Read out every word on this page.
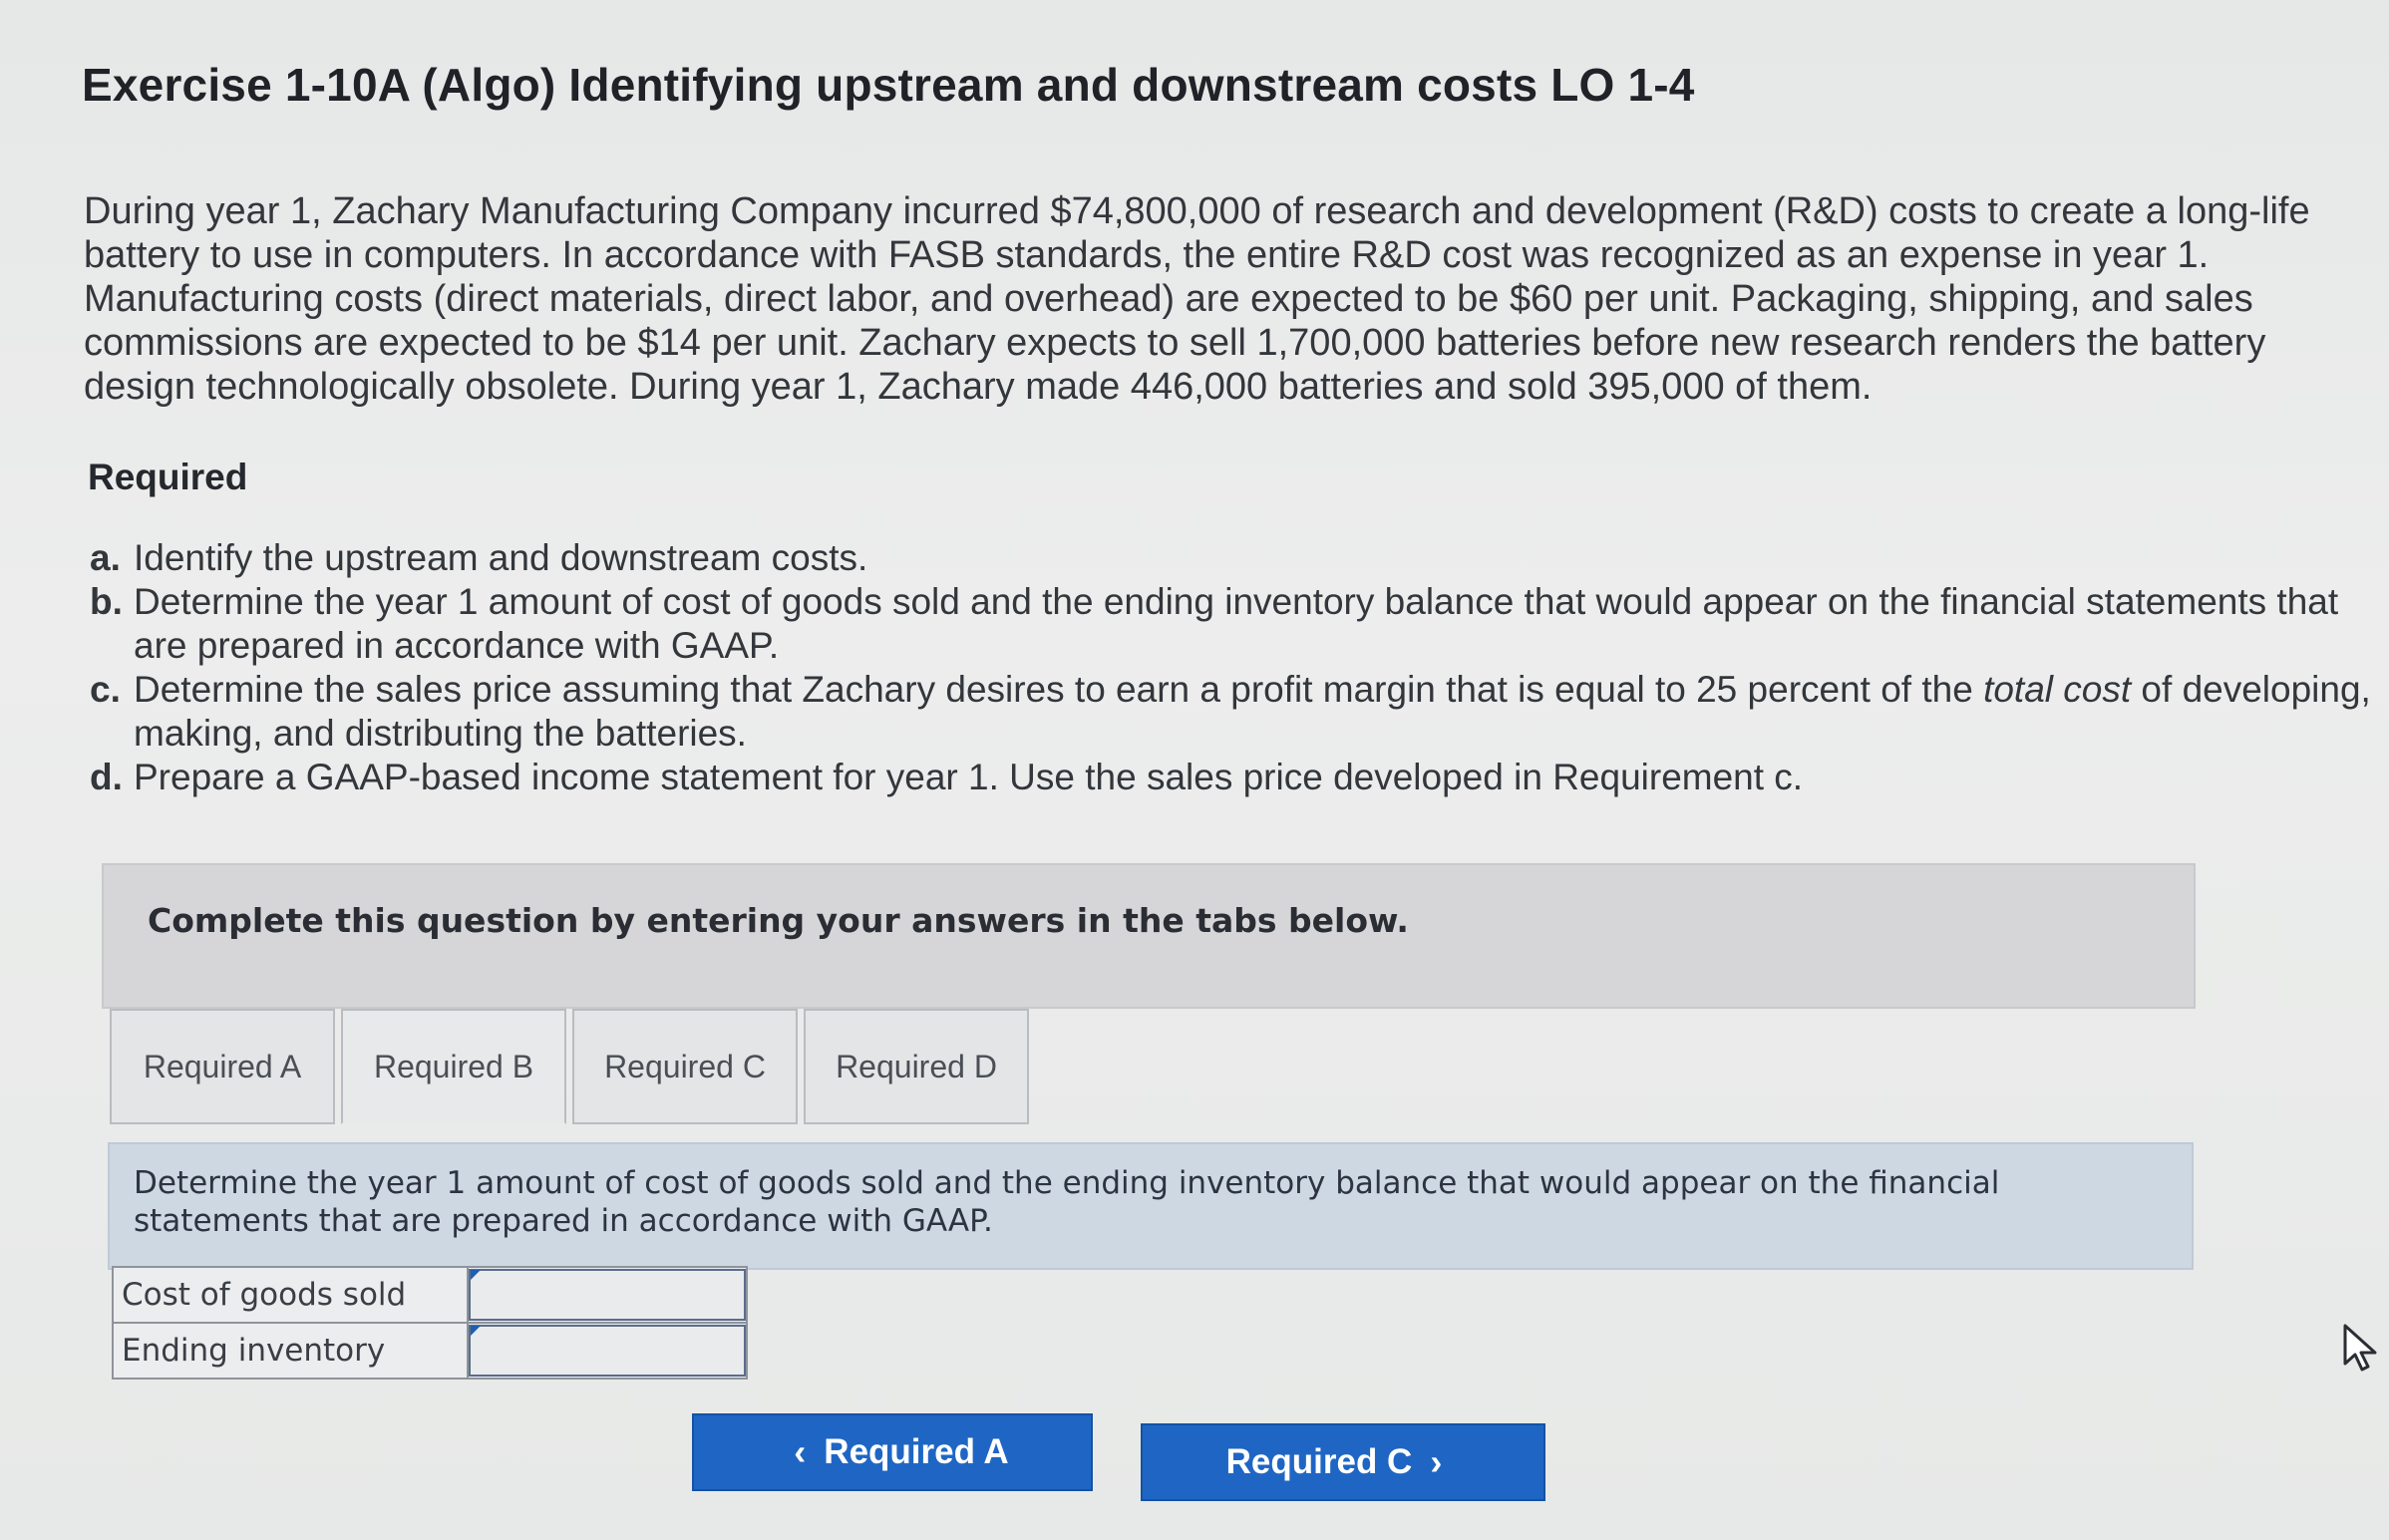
Exercise 1-10A (Algo) Identifying upstream and downstream costs LO 1-4
During year 1, Zachary Manufacturing Company incurred $74,800,000 of research and development (R&D) costs to create a long-life battery to use in computers. In accordance with FASB standards, the entire R&D cost was recognized as an expense in year 1. Manufacturing costs (direct materials, direct labor, and overhead) are expected to be $60 per unit. Packaging, shipping, and sales commissions are expected to be $14 per unit. Zachary expects to sell 1,700,000 batteries before new research renders the battery design technologically obsolete. During year 1, Zachary made 446,000 batteries and sold 395,000 of them.
Required
a. Identify the upstream and downstream costs.
b. Determine the year 1 amount of cost of goods sold and the ending inventory balance that would appear on the financial statements that are prepared in accordance with GAAP.
c. Determine the sales price assuming that Zachary desires to earn a profit margin that is equal to 25 percent of the total cost of developing, making, and distributing the batteries.
d. Prepare a GAAP-based income statement for year 1. Use the sales price developed in Requirement c.
Complete this question by entering your answers in the tabs below.
Required A	Required B	Required C	Required D
Determine the year 1 amount of cost of goods sold and the ending inventory balance that would appear on the financial statements that are prepared in accordance with GAAP.
Cost of goods sold	

Ending inventory	
‹ Required A	Required C ›
